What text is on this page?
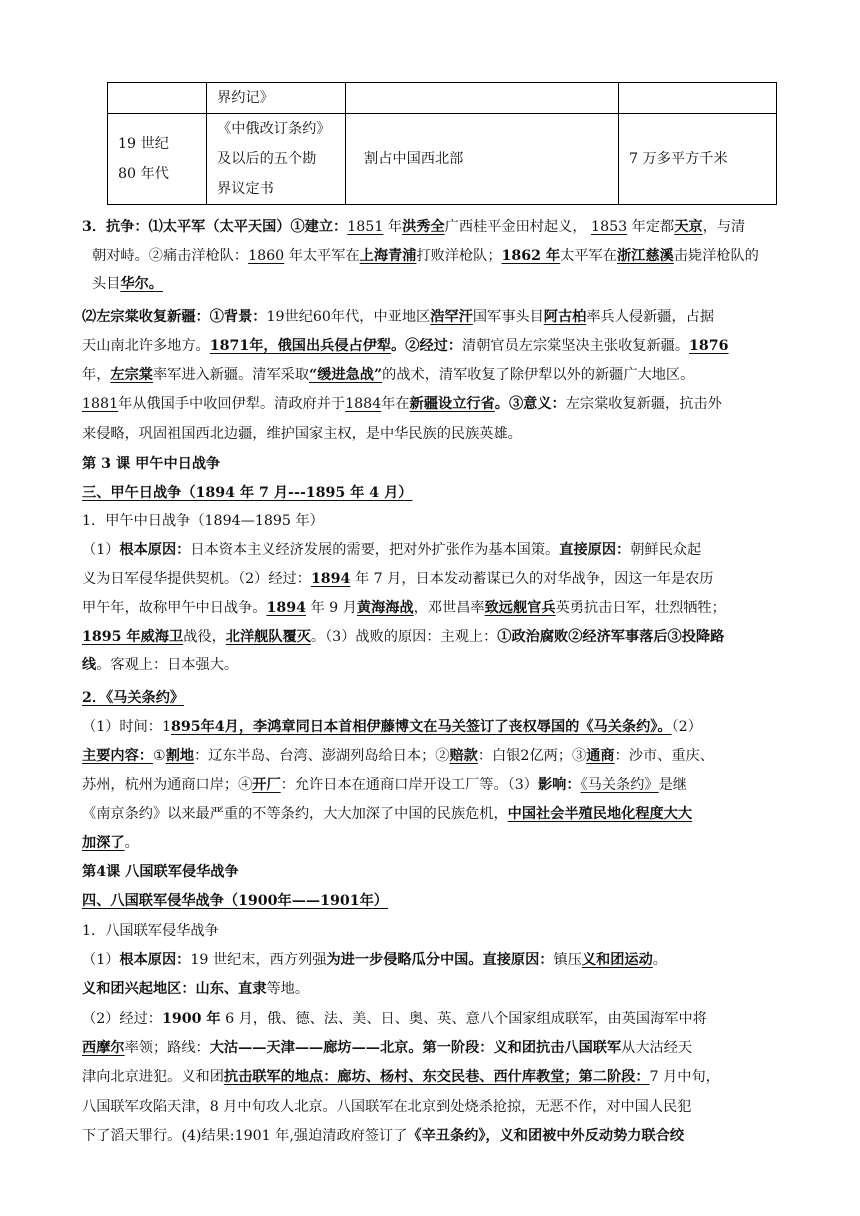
	界约记》		
19 世纪
80 年代	《中俄改订条约》
及以后的五个勘
界议定书	割占中国西北部	7 万多平方千米
3．抗争：⑴太平军（太平天国）①建立：1851 年洪秀全广西桂平金田村起义， 1853 年定都天京，与清
朝对峙。②痛击洋枪队：1860 年太平军在上海青浦打败洋枪队；1862 年太平军在浙江慈溪击毙洋枪队的
头目华尔。
⑵左宗棠收复新疆：①背景：19世纪60年代，中亚地区浩罕汗国军事头目阿古柏率兵人侵新疆，占据
天山南北许多地方。1871年，俄国出兵侵占伊犁。②经过：清朝官员左宗棠坚决主张收复新疆。1876
年，左宗棠率军进入新疆。清军采取“缓进急战”的战术，清军收复了除伊犁以外的新疆广大地区。
1881年从俄国手中收回伊犁。清政府并于1884年在新疆设立行省。③意义：左宗棠收复新疆，抗击外
来侵略，巩固祖国西北边疆，维护国家主权，是中华民族的民族英雄。
第 3 课 甲午中日战争
三、甲午日战争（1894 年 7 月---1895 年 4 月）
1．甲午中日战争（1894—1895 年）
（1）根本原因：日本资本主义经济发展的需要，把对外扩张作为基本国策。直接原因：朝鲜民众起
义为日军侵华提供契机。（2）经过：1894 年 7 月，日本发动蓄谋已久的对华战争，因这一年是农历
甲午年，故称甲午中日战争。1894 年 9 月黄海海战，邓世昌率致远舰官兵英勇抗击日军，壮烈牺牲；
1895 年威海卫战役，北洋舰队覆灭。（3）战败的原因：主观上：①政治腐败②经济军事落后③投降路
线。客观上：日本强大。
2．《马关条约》
（1）时间：1895年4月，李鸿章同日本首相伊藤博文在马关签订了丧权辱国的《马关条约》。（2）
主要内容：①割地：辽东半岛、台湾、澎湖列岛给日本；②赔款：白银2亿两；③通商：沙市、重庆、
苏州，杭州为通商口岸；④开厂：允许日本在通商口岸开设工厂等。（3）影响：《马关条约》是继
《南京条约》以来最严重的不等条约，大大加深了中国的民族危机，中国社会半殖民地化程度大大
加深了。
第4课 八国联军侵华战争
四、八国联军侵华战争（1900年——1901年）
1．八国联军侵华战争
（1）根本原因：19 世纪末，西方列强为进一步侵略瓜分中国。直接原因：镇压义和团运动。
义和团兴起地区：山东、直隶等地。
（2）经过：1900 年 6 月，俄、德、法、美、日、奥、英、意八个国家组成联军，由英国海军中将
西摩尔率领；路线：大沽——天津——廊坊——北京。第一阶段：义和团抗击八国联军从大沽经天
津向北京进犯。义和团抗击联军的地点：廊坊、杨村、东交民巷、西什库教堂；第二阶段：7 月中旬，
八国联军攻陷天津，8 月中旬攻人北京。八国联军在北京到处烧杀抢掠，无恶不作，对中国人民犯
下了滔天罪行。(4)结果:1901 年,强迫清政府签订了《辛丑条约》，义和团被中外反动势力联合绞
